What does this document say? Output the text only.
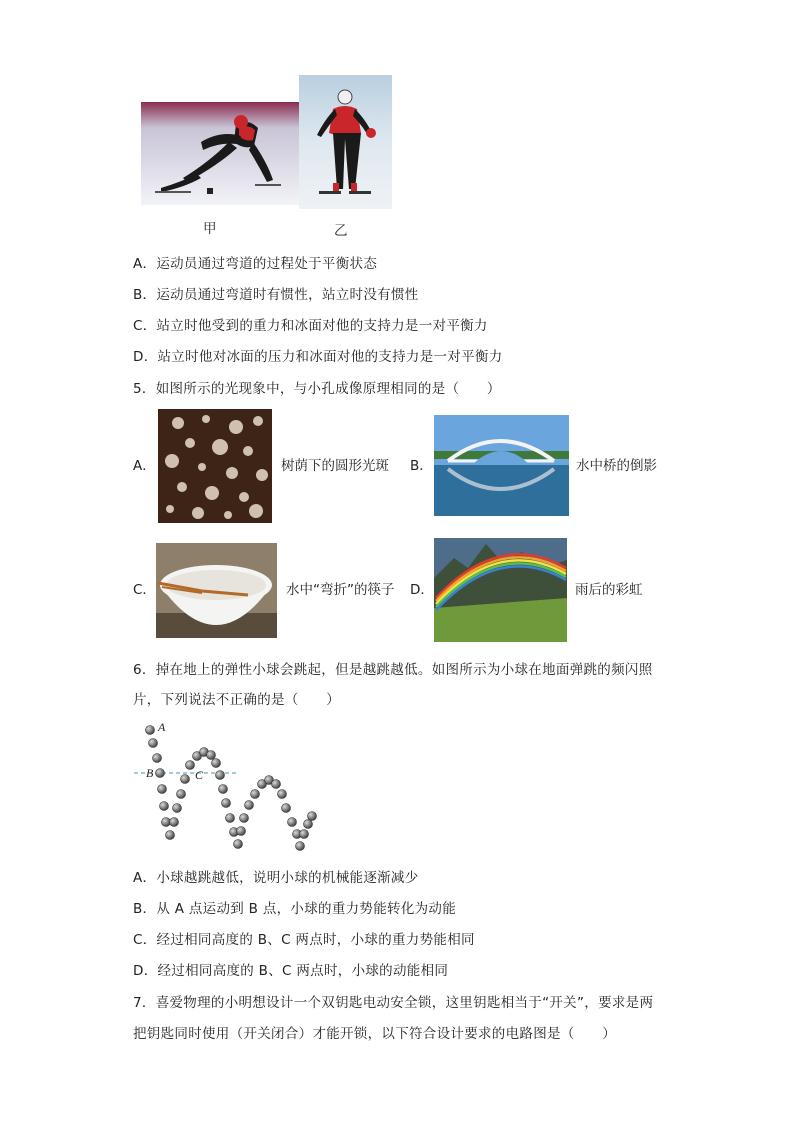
甲	乙
A．运动员通过弯道的过程处于平衡状态
B．运动员通过弯道时有惯性，站立时没有惯性
C．站立时他受到的重力和冰面对他的支持力是一对平衡力
D．站立时他对冰面的压力和冰面对他的支持力是一对平衡力
5．如图所示的光现象中，与小孔成像原理相同的是（　　）
A．	树荫下的圆形光斑 B．	水中桥的倒影
C．	水中“弯折”的筷子 D．	雨后的彩虹
6．掉在地上的弹性小球会跳起，但是越跳越低。如图所示为小球在地面弹跳的频闪照
片，下列说法不正确的是（　　）
A
B	C
A．小球越跳越低，说明小球的机械能逐渐减少
B．从 A 点运动到 B 点，小球的重力势能转化为动能
C．经过相同高度的 B、C 两点时，小球的重力势能相同
D．经过相同高度的 B、C 两点时，小球的动能相同
7．喜爱物理的小明想设计一个双钥匙电动安全锁，这里钥匙相当于“开关”，要求是两
把钥匙同时使用（开关闭合）才能开锁，以下符合设计要求的电路图是（　　）
